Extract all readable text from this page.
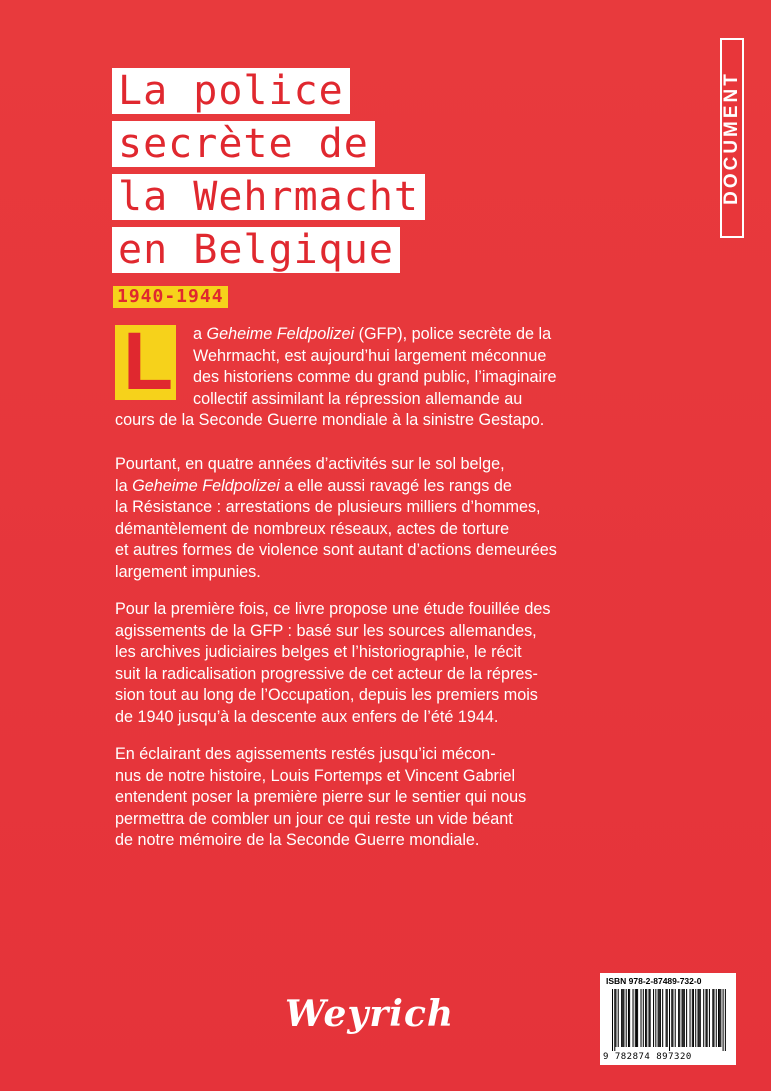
La police
secrète de
la Wehrmacht
en Belgique
1940-1944
DOCUMENT
L	a Geheime Feldpolizei (GFP), police secrète de la
Wehrmacht, est aujourd’hui largement méconnue
des historiens comme du grand public, l’imaginaire
collectif assimilant la répression allemande au
cours de la Seconde Guerre mondiale à la sinistre Gestapo.
Pourtant, en quatre années d’activités sur le sol belge,
la Geheime Feldpolizei a elle aussi ravagé les rangs de
la Résistance : arrestations de plusieurs milliers d’hommes,
démantèlement de nombreux réseaux, actes de torture
et autres formes de violence sont autant d’actions demeurées
largement impunies.
Pour la première fois, ce livre propose une étude fouillée des
agissements de la GFP : basé sur les sources allemandes,
les archives judiciaires belges et l’historiographie, le récit
suit la radicalisation progressive de cet acteur de la répres-
sion tout au long de l’Occupation, depuis les premiers mois
de 1940 jusqu’à la descente aux enfers de l’été 1944.
En éclairant des agissements restés jusqu’ici mécon-
nus de notre histoire, Louis Fortemps et Vincent Gabriel
entendent poser la première pierre sur le sentier qui nous
permettra de combler un jour ce qui reste un vide béant
de notre mémoire de la Seconde Guerre mondiale.
Weyrich
ISBN 978-2-87489-732-0
9 782874 897320
